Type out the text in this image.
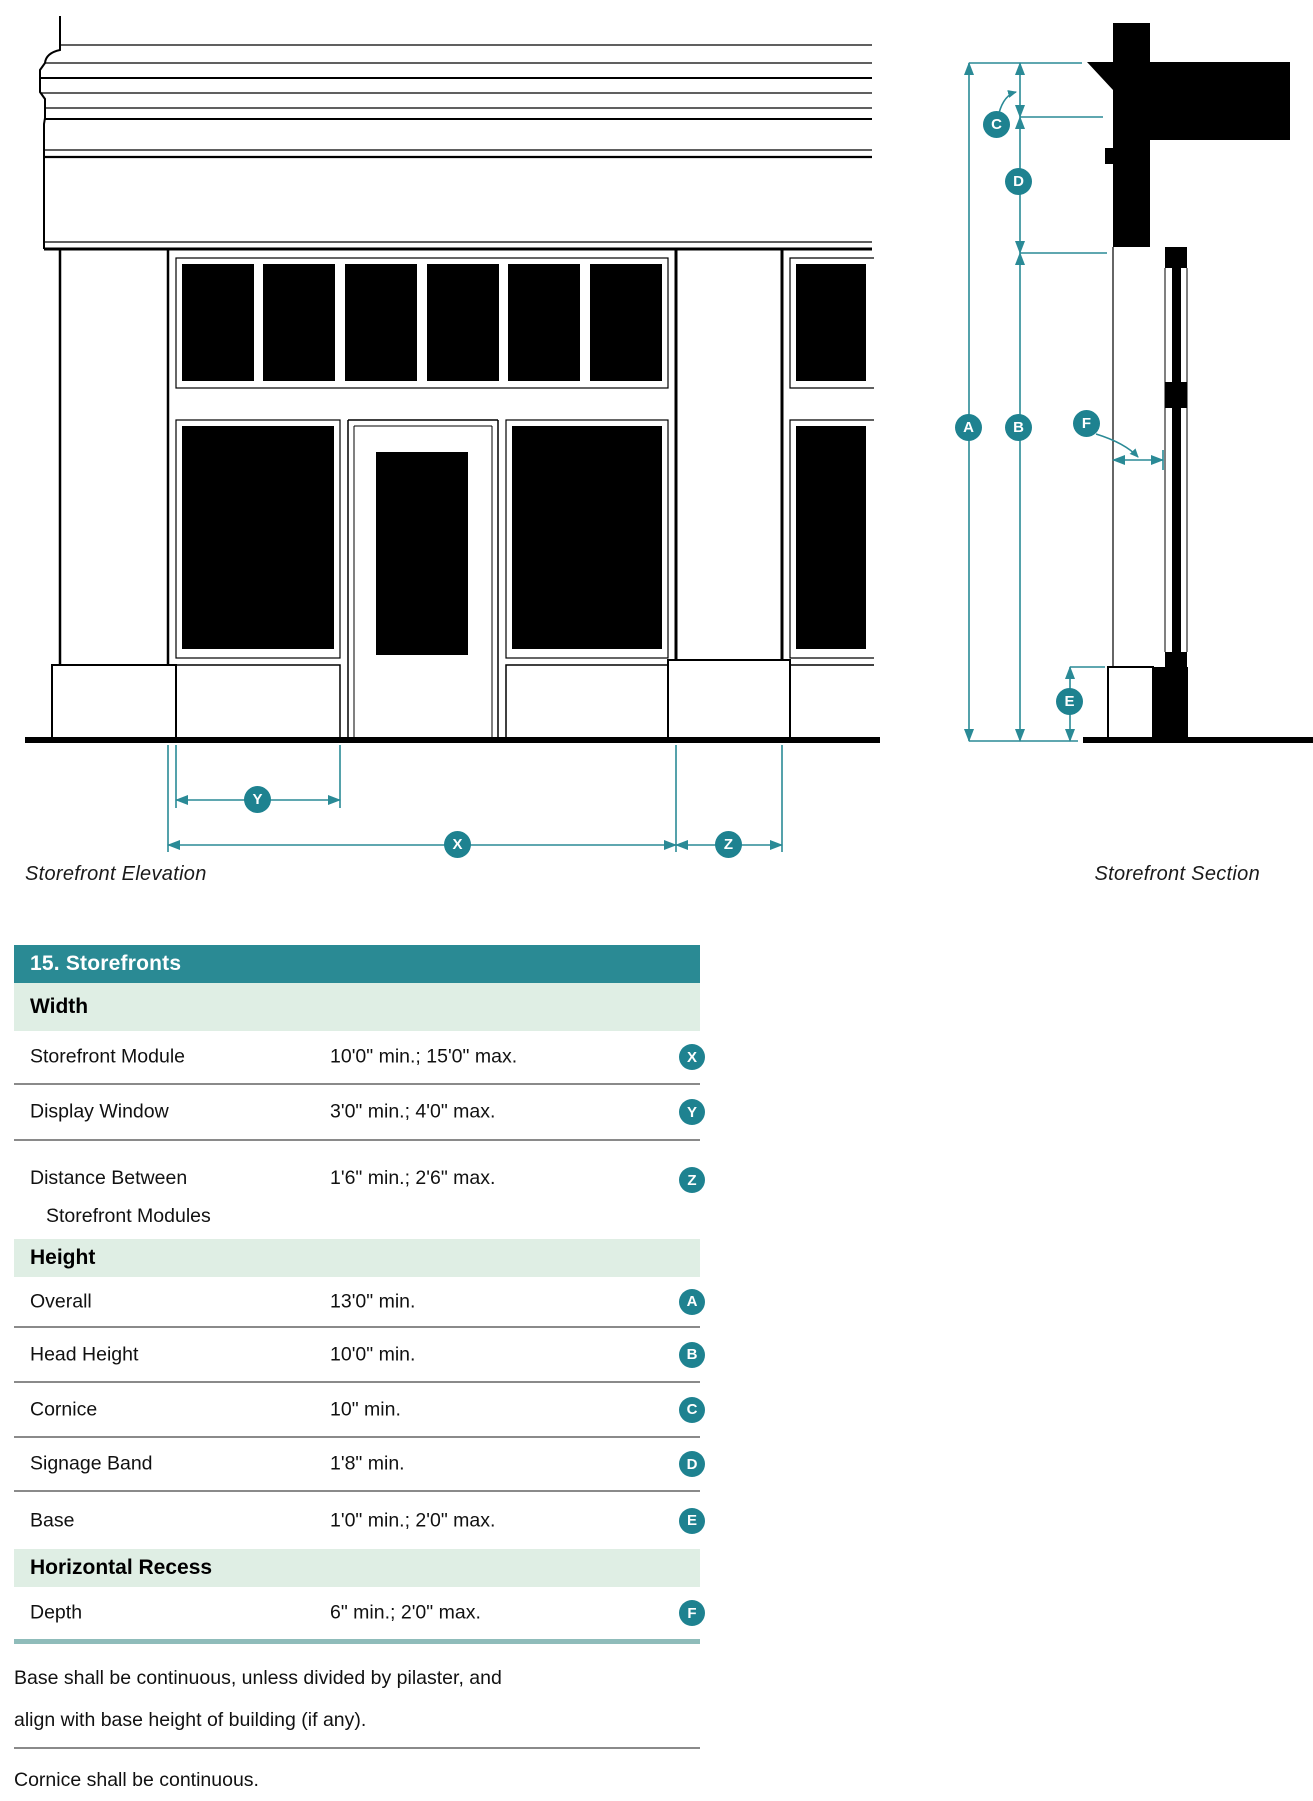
Y
X	Z
A	B
C
D
E
F
Storefront Elevation	Storefront Section
15. Storefronts
Width
Storefront Module	10'0" min.; 15'0" max.	X
Display Window	3'0" min.; 4'0" max.	Y
Distance Between
Storefront Modules
1'6" min.; 2'6" max.	Z
Height
Overall	13'0" min.	A
Head Height	10'0" min.	B
Cornice	10" min.	C
Signage Band	1'8" min.	D
Base	1'0" min.; 2'0" max.	E
Horizontal Recess
Depth	6" min.; 2'0" max.	F
Base shall be continuous, unless divided by pilaster, and
align with base height of building (if any).
Cornice shall be continuous.
